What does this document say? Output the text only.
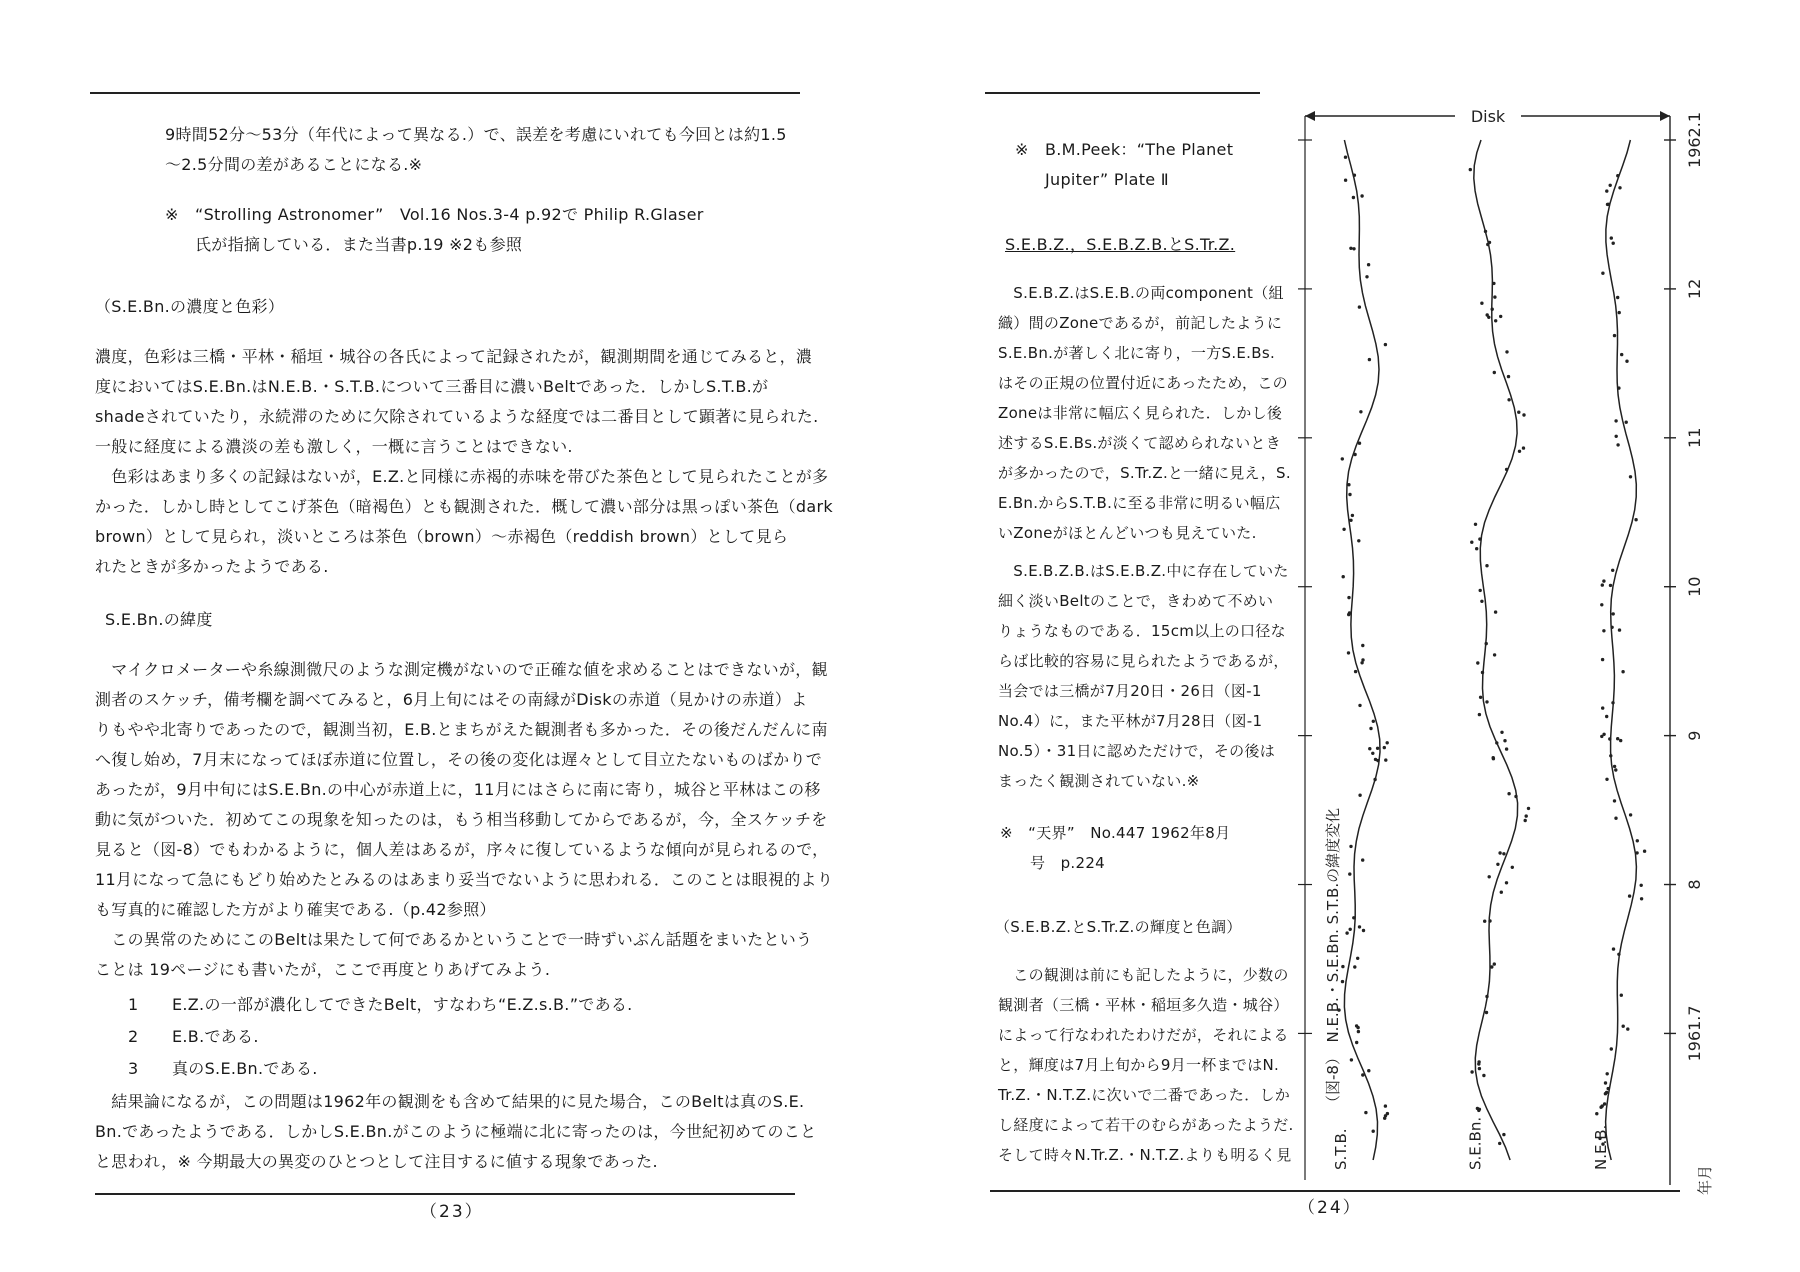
9時間52分～53分（年代によって異なる.）で、誤差を考慮にいれても今回とは約1.5
～2.5分間の差があることになる.※
※　“Strolling Astronomer”　Vol.16 Nos.3-4 p.92で Philip R.Glaser
氏が指摘している．また当書p.19 ※2も参照
（S.E.Bn.の濃度と色彩）
濃度，色彩は三橋・平林・稲垣・城谷の各氏によって記録されたが，観測期間を通じてみると，濃
度においてはS.E.Bn.はN.E.B.・S.T.B.について三番目に濃いBeltであった．しかしS.T.B.が
shadeされていたり，永続滞のために欠除されているような経度では二番目として顕著に見られた.
一般に経度による濃淡の差も激しく，一概に言うことはできない.
　色彩はあまり多くの記録はないが，E.Z.と同様に赤褐的赤味を帯びた茶色として見られたことが多
かった．しかし時としてこげ茶色（暗褐色）とも観測された．概して濃い部分は黒っぽい茶色（dark
brown）として見られ，淡いところは茶色（brown）～赤褐色（reddish brown）として見ら
れたときが多かったようである.
S.E.Bn.の緯度
　マイクロメーターや糸線測微尺のような測定機がないので正確な値を求めることはできないが，観
測者のスケッチ，備考欄を調べてみると，6月上旬にはその南縁がDiskの赤道（見かけの赤道）よ
りもやや北寄りであったので，観測当初，E.B.とまちがえた観測者も多かった．その後だんだんに南
へ復し始め，7月末になってほぼ赤道に位置し，その後の変化は遅々として目立たないものばかりで
あったが，9月中旬にはS.E.Bn.の中心が赤道上に，11月にはさらに南に寄り，城谷と平林はこの移
動に気がついた．初めてこの現象を知ったのは，もう相当移動してからであるが，今，全スケッチを
見ると（図-8）でもわかるように，個人差はあるが，序々に復しているような傾向が見られるので，
11月になって急にもどり始めたとみるのはあまり妥当でないように思われる．このことは眼視的より
も写真的に確認した方がより確実である.（p.42参照）
　この異常のためにこのBeltは果たして何であるかということで一時ずいぶん話題をまいたという
ことは 19ページにも書いたが，ここで再度とりあげてみよう.
1 E.Z.の一部が濃化してできたBelt，すなわち“E.Z.s.B.”である.
2 E.B.である.
3 真のS.E.Bn.である.
　結果論になるが，この問題は1962年の観測をも含めて結果的に見た場合，このBeltは真のS.E.
Bn.であったようである．しかしS.E.Bn.がこのように極端に北に寄ったのは，今世紀初めてのこと
と思われ，※ 今期最大の異変のひとつとして注目するに値する現象であった.
（23）
※　B.M.Peek：“The Planet
Jupiter” Plate Ⅱ
S.E.B.Z.，S.E.B.Z.B.とS.Tr.Z.
　S.E.B.Z.はS.E.B.の両component（組
織）間のZoneであるが，前記したように
S.E.Bn.が著しく北に寄り，一方S.E.Bs.
はその正規の位置付近にあったため，この
Zoneは非常に幅広く見られた．しかし後
述するS.E.Bs.が淡くて認められないとき
が多かったので，S.Tr.Z.と一緒に見え，S.
E.Bn.からS.T.B.に至る非常に明るい幅広
いZoneがほとんどいつも見えていた.
　S.E.B.Z.B.はS.E.B.Z.中に存在していた
細く淡いBeltのことで，きわめて不めい
りょうなものである．15cm以上の口径な
らば比較的容易に見られたようであるが，
当会では三橋が7月20日・26日（図-1
No.4）に，また平林が7月28日（図-1
No.5）・31日に認めただけで，その後は
まったく観測されていない.※
※　“天界”　No.447 1962年8月
号　p.224
（S.E.B.Z.とS.Tr.Z.の輝度と色調）
　この観測は前にも記したように，少数の
観測者（三橋・平林・稲垣多久造・城谷）
によって行なわれたわけだが，それによる
と，輝度は7月上旬から9月一杯まではN.
Tr.Z.・N.T.Z.に次いで二番であった．しか
し経度によって若干のむらがあったようだ.
そして時々N.Tr.Z.・N.T.Z.よりも明るく見
（24）
Disk
1961.7
8
9
10
11
12
1962.1
S.T.B.	S.E.Bn.	N.E.B.
年月
（図-8）　N.E.B.・S.E.Bn. S.T.B.の緯度変化
